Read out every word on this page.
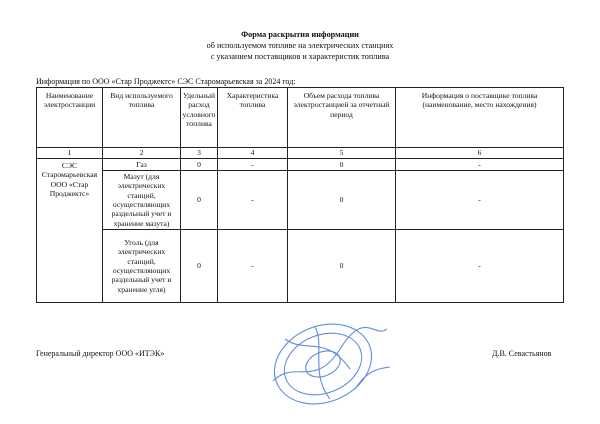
Форма раскрытия информации
об используемом топливе на электрических станциях
с указанием поставщиков и характеристик топлива
Информация по ООО «Стар Проджектс» СЭС Старомарьевская за 2024 год:
Наименование электростанции	Вид используемого топлива	Удельный расход условного топлива	Характеристика топлива	Объем расхода топлива электростанцией за отчетный период	Информация о поставщике топлива (наименование, место нахождения)
1	2	3	4	5	6
СЭС Старомарьевская ООО «Стар Проджектс»	Газ	0	-	0	-
	Мазут (для электрических станций, осуществляющих раздельный учет и хранение мазута)	0	-	0	-
	Уголь (для электрических станций, осуществляющих раздельный учет и хранение угля)	0	-	0	-
Генеральный директор ООО «ИТЭК»	Д.В. Севастьянов
